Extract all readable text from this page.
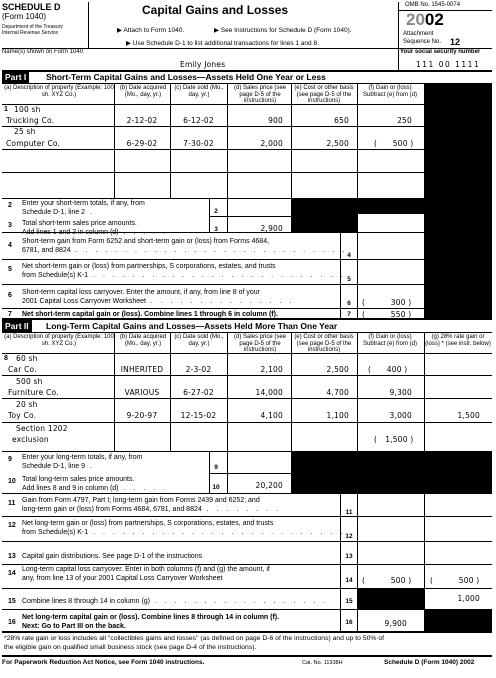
SCHEDULE D
(Form 1040)
Department of the Treasury
Internal Revenue Service
Capital Gains and Losses
▶ Attach to Form 1040.	▶ See Instructions for Schedule D (Form 1040).
▶ Use Schedule D-1 to list additional transactions for lines 1 and 8.
OMB No. 1545-0074
2002
Attachment
Sequence No. 12
Name(s) shown on Form 1040
Emily Jones
Your social security number
111 00 1111
Part I	Short-Term Capital Gains and Losses—Assets Held One Year or Less
(a) Description of property (Example: 100 sh. XYZ Co.)
(b) Date acquired (Mo., day, yr.)
(c) Date sold (Mo., day, yr.)
(d) Sales price (see page D-5 of the instructions)
(e) Cost or other basis (see page D-5 of the instructions)
(f) Gain or (loss) Subtract (e) from (d)
1 100 sh
Trucking Co.	2-12-02	6-12-02	900	650	250
25 sh
Computer Co.	6-29-02	7-30-02	2,000	2,500	( 500 )
2 Enter your short-term totals, if any, from
Schedule D-1, line 2 .	2
3 Total short-term sales price amounts.
Add lines 1 and 2 in column (d) . . . . .	3	2,900
4
Short-term gain from Form 6252 and short-term gain or (loss) from Forms 4684,
6781, and 8824 . . . . . . . . . . . . . . . . . . . . . . . . . . . .
4
5 Net short-term gain or (loss) from partnerships, S corporations, estates, and trusts
from Schedule(s) K-1 . . . . . . . . . . . . . . . . . . . . . . . . . .
5
6 Short-term capital loss carryover. Enter the amount, if any, from line 8 of your
2001 Capital Loss Carryover Worksheet . . . . . . . . . . . . . . .	6	(	300 )
7 Net short-term capital gain or (loss). Combine lines 1 through 6 in column (f).	7	(	550 )
Part II	Long-Term Capital Gains and Losses—Assets Held More Than One Year
(a) Description of property (Example: 100 sh. XYZ Co.)
(b) Date acquired (Mo., day, yr.)
(c) Date sold (Mo., day, yr.)
(d) Sales price (see page D-5 of the instructions)
(e) Cost or other basis (see page D-5 of the instructions)
(f) Gain or (loss) Subtract (e) from (d)
(g) 28% rate gain or (loss) * (see instr. below)
8 60 sh
Car Co.	INHERITED	2-3-02	2,100	2,500	( 400 )
500 sh
Furniture Co.	VARIOUS	6-27-02	14,000	4,700	9,300
20 sh
Toy Co.	9-20-97	12-15-02	4,100	1,100	3,000	1,500
Section 1202
exclusion	( 1,500 )
9 Enter your long-term totals, if any, from
Schedule D-1, line 9 .	9
10 Total long-term sales price amounts.
Add lines 8 and 9 in column (d) . . . . .	10	20,200
11 Gain from Form 4797, Part I; long-term gain from Forms 2439 and 6252; and
long-term gain or (loss) from Forms 4684, 6781, and 8824 . . . . . . . .	11
12 Net long-term gain or (loss) from partnerships, S corporations, estates, and trusts
from Schedule(s) K-1 . . . . . . . . . . . . . . . . . . . . . . . . . .
12
13 Capital gain distributions. See page D-1 of the instructions	13
14
Long-term capital loss carryover. Enter in both columns (f) and (g) the amount, if
any, from line 13 of your 2001 Capital Loss Carryover Worksheet	14	(	500 ) (	500 )
15 Combine lines 8 through 14 in column (g) . . . . . . . . . . . . . . . . . .	15	1,000
16
Net long-term capital gain or (loss). Combine lines 8 through 14 in column (f).
Next: Go to Part III on the back.
16	9,900
*28% rate gain or loss includes all "collectibles gains and losses" (as defined on page D-6 of the instructions) and up to 50% of
the eligible gain on qualified small business stock (see page D-4 of the instructions).
For Paperwork Reduction Act Notice, see Form 1040 instructions.	Cat. No. 11338H	Schedule D (Form 1040) 2002
